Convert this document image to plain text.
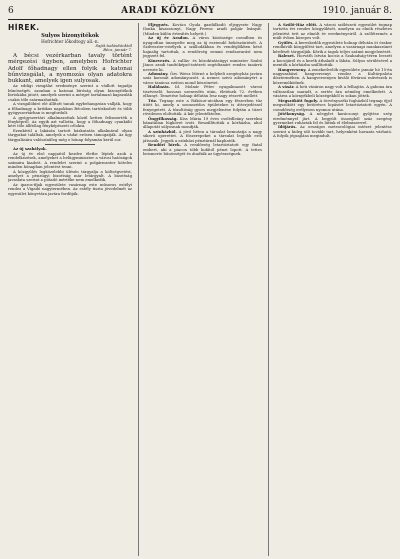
6	ARADI KÖZLÖNY	1910. január 8.
HÍREK.
Sulyos bizonyítékok
Hofrichter lőkodtogy all.-n.
Saját tudósítónktól
Bécs, január 7.

A bécsi vezérkarban tavaly történt mérgezési ügyben, amelyben Hofrichter Adolf főhadnagy ellen folyik a katonai bűnvizsgálat, a nyomozás olyan adatokra bukkant, amelyek igen sulyosak.

Az eddigi vizsgálat eredménye szerint a vádlott tagadja bűnösségét, azonban a katonai bíróság olyan bizonyítékok birtokába jutott, amelyek szerint a mérget tartalmazó kapszulák csakis tőle származhattak.

A vizsgálóbíró elé állított tanuk egybehangzóan vallják, hogy a főhadnagy a kritikus napokban Bécsben tartózkodott és több gyógyszertárban is megfordult.

A gyógyszertári alkalmazottak közül ketten felismerték a fényképről. Az egyik azt vallotta, hogy a főhadnagy cyankálit kért tőle állítólag fényképészeti célokra.

Ezenkívül a lakásán tartott házkutatás alkalmával olyan tárgyakat találtak, amelyek a vádat erősen támogatják. Az ügy tárgyalására valószínűleg még e hónap folyamán kerül sor.

Az új szabályok.

Az új év első napjaitól kezdve életbe léptek azok a rendelkezések, amelyeket a belügyminiszter a városi hatóságok számára kiadott. A rendelet szerint a polgármester köteles minden hónapban jelentést tenni.

A közgyűlés legközelebbi ülésén tárgyalja a költségvetést, amelyet a pénzügyi bizottság már letárgyalt. A bizottság javaslata szerint a pótadó mértéke nem emelkedik.

Az iparos-ifjak egyesülete vasárnap este műsoros estélyt rendez a Vigadó nagytermében. Az estély tiszta jövedelmét az egyesület könyvtára javára fordítják.

Eljegyzés. Kovács Gyula gazdálkodó eljegyezte Nagy Ilonka kisasszonyt, Nagy Ferenc aradi polgár leányát. (Minden külön értesítés helyett.)

Az új év Aradon. A város közönsége csendben és nyugodtan ünnepelte meg az új esztendő beköszöntését. A Szilveszter-estélyek a szállodákban és vendéglőkben késő hajnalig tartottak, a rendőrség semmi rendzavarást nem jegyzett fel.

Kinevezés. A vallás- és közoktatásügyi miniszter Szabó János aradi tanítóképző-intézeti segédtanárt rendes tanárrá nevezte ki.

Adomány. Özv. Weisz Mórné a helybeli szegényház javára száz koronát adományozott. A nemes szivü adományért a város tanácsa ezúton mond köszönetet.

Halálozás. Id. Molnár Péter nyugalmazott városi tisztviselő, hosszas szenvedés után, életének 72. évében elhunyt. Temetése holnap délután lesz nagy részvét mellett.

Tűz. Tegnap este a Rákóczi-utcában egy fészerben tűz ütött ki, amely a szomszédos épületekre is átterjedéssel fenyegetett. A tűzoltóság gyors megjelenése folytán a tüzet rövidesen eloltották. A kár jelentéktelen.

Öngyilkosság. Kiss Mária 19 éves cselédleány szerelmi bánatában lúgkövet ivott. Beszállították a kórházba, ahol állapotát súlyosnak mondják.

A színházból. A jövő héten a társulat bemutatja a nagy sikerű operettet. A főszerepeket a társulat legjobb erői játsszák. Jegyek a színházi pénztárnál kaphatók.

Rendőri hírek. A rendőrség letartóztatott egy fiatal embert, aki a piacon több kofától pénzt lopott. A tettes beismerte bűnösségét és átadták az ügyészségnek.

A Szőlő-Ház előtt. A városi szőlészeti egyesület tegnap tartotta évi rendes közgyűlését, amelyen az elnök részletes jelentést tett az elmúlt év eredményeiről. A szőlőtermés a múlt évben közepes volt.

Gyűlés. A kereskedők egyesülete holnap délután öt órakor rendkívüli közgyűlést tart, amelyen a vasárnapi munkaszünet kérdését tárgyalják. Kérik a tagok teljes számú megjelenését.

Baleset. Horváth István kocsis a Szabadság-téren leesett a kocsijáról és a kerék áthaladt a lábán. Súlyos sérülésével a mentők a kórházba szállították.

Hangverseny. A zenekedvelők egyesülete január hó 15-én nagyszabású hangversenyt rendez a Kultúrpalota dísztermében. A hangversenyen kiváló fővárosi művészek is közreműködnek.

A vásár. A heti vásáron nagy volt a felhajtás. A gabona ára változatlan maradt, a sertés ára némileg emelkedett. A vásárra a környékbeli községekből is sokan jöttek.

Megszökött fogoly. A törvényszéki fogházból tegnap éjjel megszökött egy betöréses lopásért letartóztatott egyén. A csendőrség erélyesen nyomoz utána.

Jótékonyság. A nőegylet karácsonyi gyűjtése szép eredménnyel járt. A begyült összegből száz szegény gyermeket ruháztak fel és láttak el élelmiszerrel.

Időjárás. Az országos meteorológiai intézet jelentése szerint a hideg idő tovább tart, helyenként havazás várható. A folyók jégzajlása megindult.
